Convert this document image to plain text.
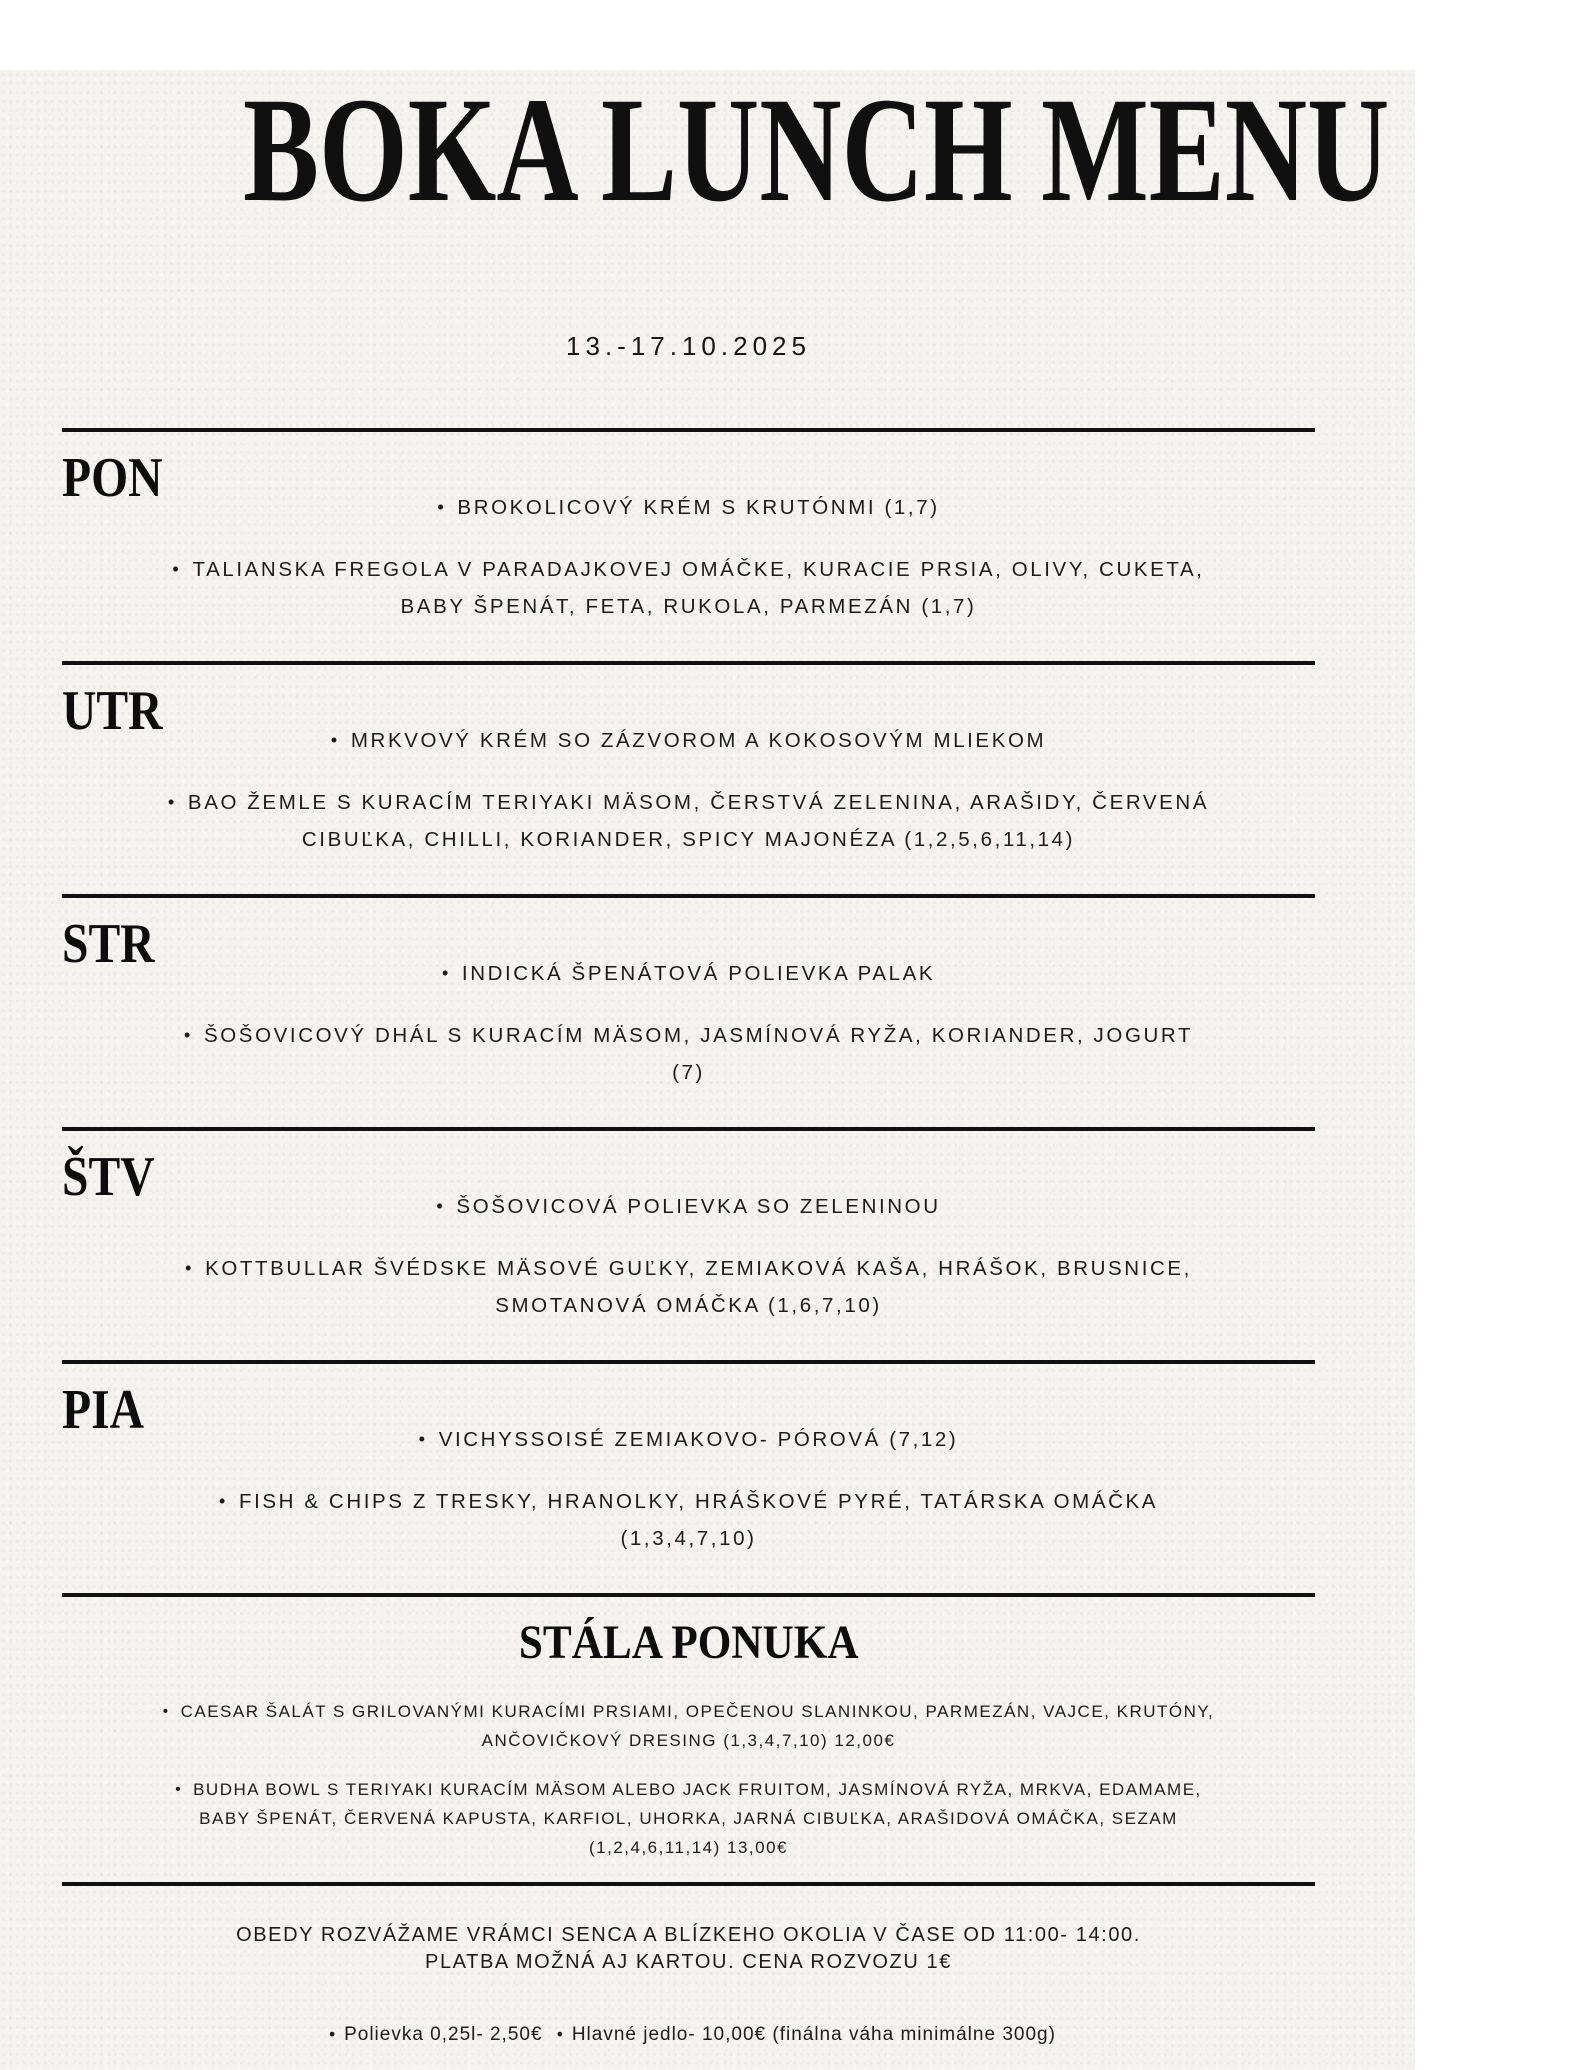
BOKA LUNCH MENU
13.-17.10.2025
PON	• BROKOLICOVÝ KRÉM S KRUTÓNMI (1,7)

• TALIANSKA FREGOLA V PARADAJKOVEJ OMÁČKE, KURACIE PRSIA, OLIVY, CUKETA,
BABY ŠPENÁT, FETA, RUKOLA, PARMEZÁN (1,7)

UTR	• MRKVOVÝ KRÉM SO ZÁZVOROM A KOKOSOVÝM MLIEKOM

• BAO ŽEMLE S KURACÍM TERIYAKI MÄSOM, ČERSTVÁ ZELENINA, ARAŠIDY, ČERVENÁ
CIBUĽKA, CHILLI, KORIANDER, SPICY MAJONÉZA (1,2,5,6,11,14)

STR	• INDICKÁ ŠPENÁTOVÁ POLIEVKA PALAK

• ŠOŠOVICOVÝ DHÁL S KURACÍM MÄSOM, JASMÍNOVÁ RYŽA, KORIANDER, JOGURT
(7)

ŠTV	• ŠOŠOVICOVÁ POLIEVKA SO ZELENINOU

• KOTTBULLAR ŠVÉDSKE MÄSOVÉ GUĽKY, ZEMIAKOVÁ KAŠA, HRÁŠOK, BRUSNICE,
SMOTANOVÁ OMÁČKA (1,6,7,10)

PIA	• VICHYSSOISÉ ZEMIAKOVO- PÓROVÁ (7,12)

• FISH & CHIPS Z TRESKY, HRANOLKY, HRÁŠKOVÉ PYRÉ, TATÁRSKA OMÁČKA
(1,3,4,7,10)

STÁLA PONUKA

• CAESAR ŠALÁT S GRILOVANÝMI KURACÍMI PRSIAMI, OPEČENOU SLANINKOU, PARMEZÁN, VAJCE, KRUTÓNY,
ANČOVIČKOVÝ DRESING (1,3,4,7,10) 12,00€

• BUDHA BOWL S TERIYAKI KURACÍM MÄSOM ALEBO JACK FRUITOM, JASMÍNOVÁ RYŽA, MRKVA, EDAMAME,
BABY ŠPENÁT, ČERVENÁ KAPUSTA, KARFIOL, UHORKA, JARNÁ CIBUĽKA, ARAŠIDOVÁ OMÁČKA, SEZAM
(1,2,4,6,11,14) 13,00€

OBEDY ROZVÁŽAME VRÁMCI SENCA A BLÍZKEHO OKOLIA V ČASE OD 11:00- 14:00.
PLATBA MOŽNÁ AJ KARTOU. CENA ROZVOZU 1€
• Polievka 0,25l- 2,50€ • Hlavné jedlo- 10,00€ (finálna váha minimálne 300g)
